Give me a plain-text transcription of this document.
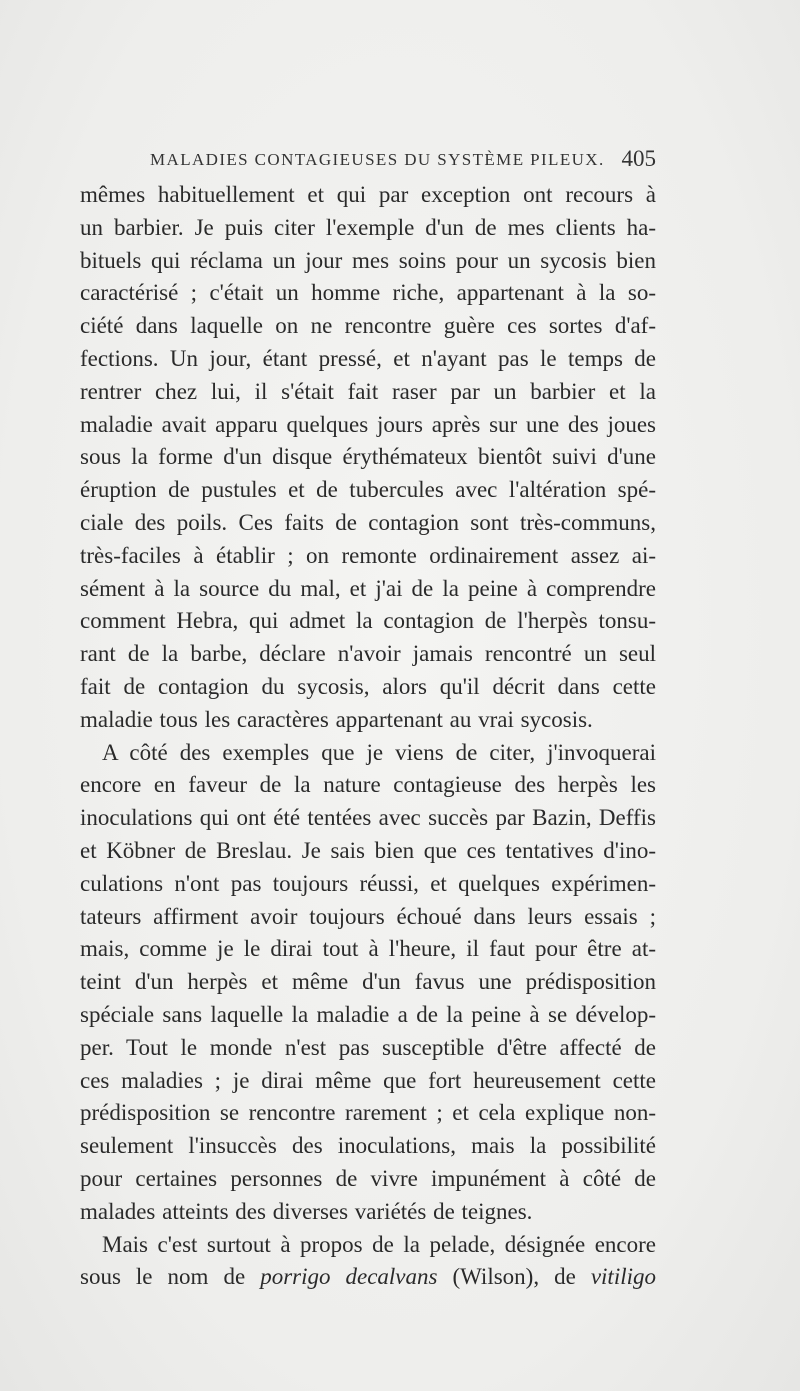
MALADIES CONTAGIEUSES DU SYSTÈME PILEUX. 405
mêmes habituellement et qui par exception ont recours à
un barbier. Je puis citer l'exemple d'un de mes clients ha-
bituels qui réclama un jour mes soins pour un sycosis bien
caractérisé ; c'était un homme riche, appartenant à la so-
ciété dans laquelle on ne rencontre guère ces sortes d'af-
fections. Un jour, étant pressé, et n'ayant pas le temps de
rentrer chez lui, il s'était fait raser par un barbier et la
maladie avait apparu quelques jours après sur une des joues
sous la forme d'un disque érythémateux bientôt suivi d'une
éruption de pustules et de tubercules avec l'altération spé-
ciale des poils. Ces faits de contagion sont très-communs,
très-faciles à établir ; on remonte ordinairement assez ai-
sément à la source du mal, et j'ai de la peine à comprendre
comment Hebra, qui admet la contagion de l'herpès tonsu-
rant de la barbe, déclare n'avoir jamais rencontré un seul
fait de contagion du sycosis, alors qu'il décrit dans cette
maladie tous les caractères appartenant au vrai sycosis.
A côté des exemples que je viens de citer, j'invoquerai
encore en faveur de la nature contagieuse des herpès les
inoculations qui ont été tentées avec succès par Bazin, Deffis
et Köbner de Breslau. Je sais bien que ces tentatives d'ino-
culations n'ont pas toujours réussi, et quelques expérimen-
tateurs affirment avoir toujours échoué dans leurs essais ;
mais, comme je le dirai tout à l'heure, il faut pour être at-
teint d'un herpès et même d'un favus une prédisposition
spéciale sans laquelle la maladie a de la peine à se dévelop-
per. Tout le monde n'est pas susceptible d'être affecté de
ces maladies ; je dirai même que fort heureusement cette
prédisposition se rencontre rarement ; et cela explique non-
seulement l'insuccès des inoculations, mais la possibilité
pour certaines personnes de vivre impunément à côté de
malades atteints des diverses variétés de teignes.
Mais c'est surtout à propos de la pelade, désignée encore
sous le nom de porrigo decalvans (Wilson), de vitiligo
